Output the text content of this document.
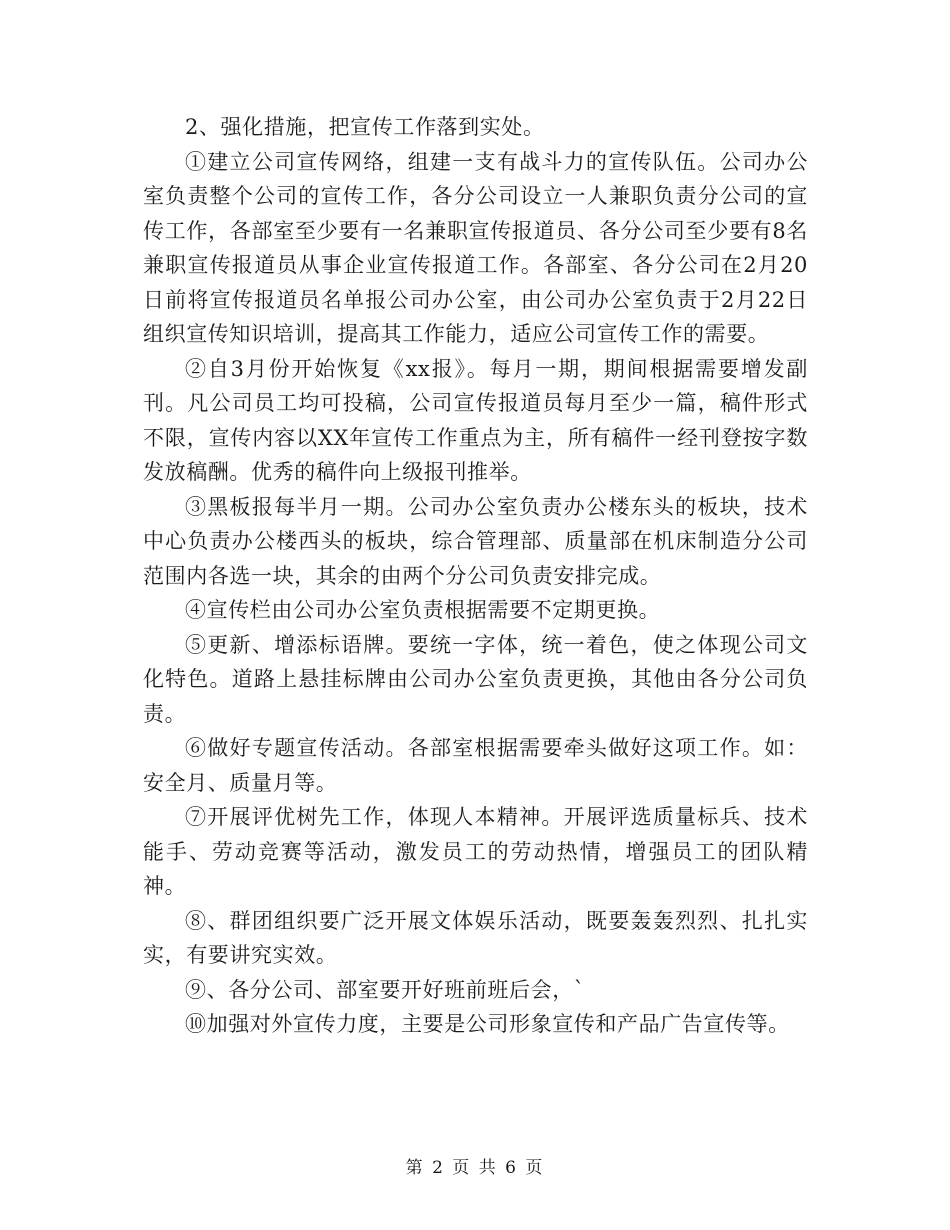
2、强化措施，把宣传工作落到实处。

①建立公司宣传网络，组建一支有战斗力的宣传队伍。公司办公室负责整个公司的宣传工作，各分公司设立一人兼职负责分公司的宣传工作，各部室至少要有一名兼职宣传报道员、各分公司至少要有8名兼职宣传报道员从事企业宣传报道工作。各部室、各分公司在2月20日前将宣传报道员名单报公司办公室，由公司办公室负责于2月22日组织宣传知识培训，提高其工作能力，适应公司宣传工作的需要。

②自3月份开始恢复《xx报》。每月一期，期间根据需要增发副刊。凡公司员工均可投稿，公司宣传报道员每月至少一篇，稿件形式不限，宣传内容以XX年宣传工作重点为主，所有稿件一经刊登按字数发放稿酬。优秀的稿件向上级报刊推举。

③黑板报每半月一期。公司办公室负责办公楼东头的板块，技术中心负责办公楼西头的板块，综合管理部、质量部在机床制造分公司范围内各选一块，其余的由两个分公司负责安排完成。

④宣传栏由公司办公室负责根据需要不定期更换。

⑤更新、增添标语牌。要统一字体，统一着色，使之体现公司文化特色。道路上悬挂标牌由公司办公室负责更换，其他由各分公司负责。

⑥做好专题宣传活动。各部室根据需要牵头做好这项工作。如：安全月、质量月等。

⑦开展评优树先工作，体现人本精神。开展评选质量标兵、技术能手、劳动竞赛等活动，激发员工的劳动热情，增强员工的团队精神。

⑧、群团组织要广泛开展文体娱乐活动，既要轰轰烈烈、扎扎实实，有要讲究实效。

⑨、各分公司、部室要开好班前班后会，`

⑩加强对外宣传力度，主要是公司形象宣传和产品广告宣传等。

第 2 页 共 6 页
